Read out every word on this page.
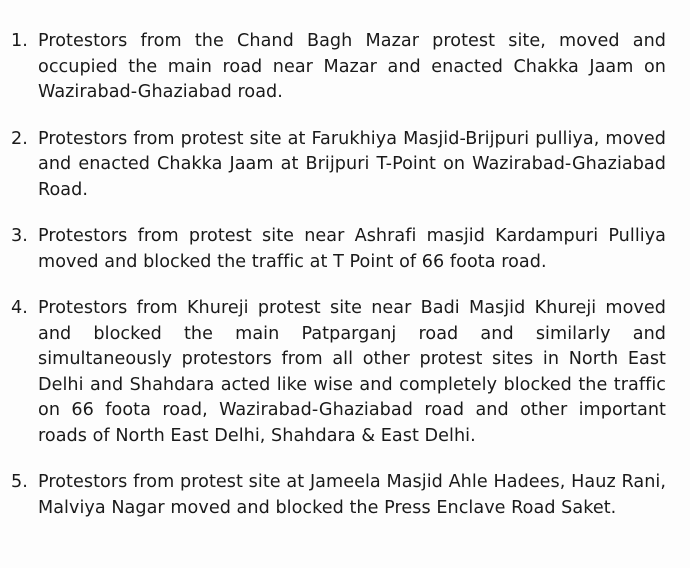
1. Protestors from the Chand Bagh Mazar protest site, moved and occupied the main road near Mazar and enacted Chakka Jaam on Wazirabad-Ghaziabad road.
2. Protestors from protest site at Farukhiya Masjid-Brijpuri pulliya, moved and enacted Chakka Jaam at Brijpuri T-Point on Wazirabad-Ghaziabad Road.
3. Protestors from protest site near Ashrafi masjid Kardampuri Pulliya moved and blocked the traffic at T Point of 66 foota road.
4. Protestors from Khureji protest site near Badi Masjid Khureji moved and blocked the main Patparganj road and similarly and simultaneously protestors from all other protest sites in North East Delhi and Shahdara acted like wise and completely blocked the traffic on 66 foota road, Wazirabad-Ghaziabad road and other important roads of North East Delhi, Shahdara & East Delhi.
5. Protestors from protest site at Jameela Masjid Ahle Hadees, Hauz Rani, Malviya Nagar moved and blocked the Press Enclave Road Saket.
